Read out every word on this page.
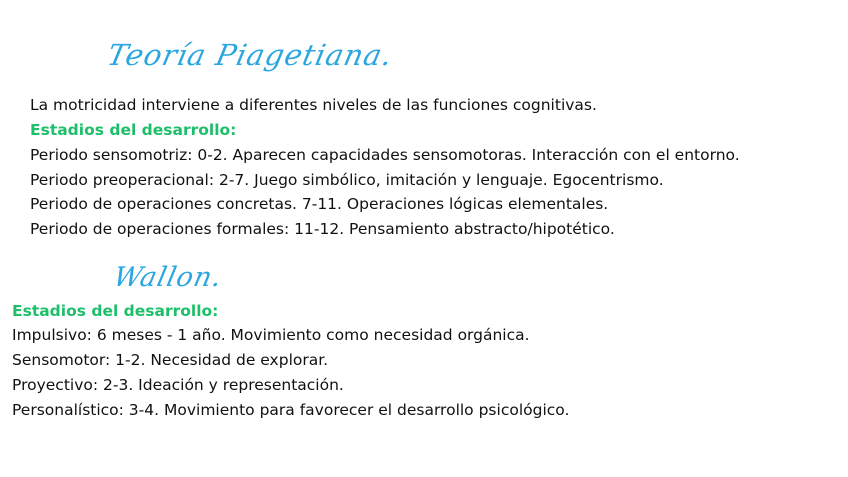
Teoría Piagetiana.
La motricidad interviene a diferentes niveles de las funciones cognitivas.
Estadios del desarrollo:
Periodo sensomotriz: 0-2. Aparecen capacidades sensomotoras. Interacción con el entorno.
Periodo preoperacional: 2-7. Juego simbólico, imitación y lenguaje. Egocentrismo.
Periodo de operaciones concretas. 7-11. Operaciones lógicas elementales.
Periodo de operaciones formales: 11-12. Pensamiento abstracto/hipotético.
Wallon.
Estadios del desarrollo:
Impulsivo: 6 meses - 1 año. Movimiento como necesidad orgánica.
Sensomotor: 1-2. Necesidad de explorar.
Proyectivo: 2-3. Ideación y representación.
Personalístico: 3-4. Movimiento para favorecer el desarrollo psicológico.
